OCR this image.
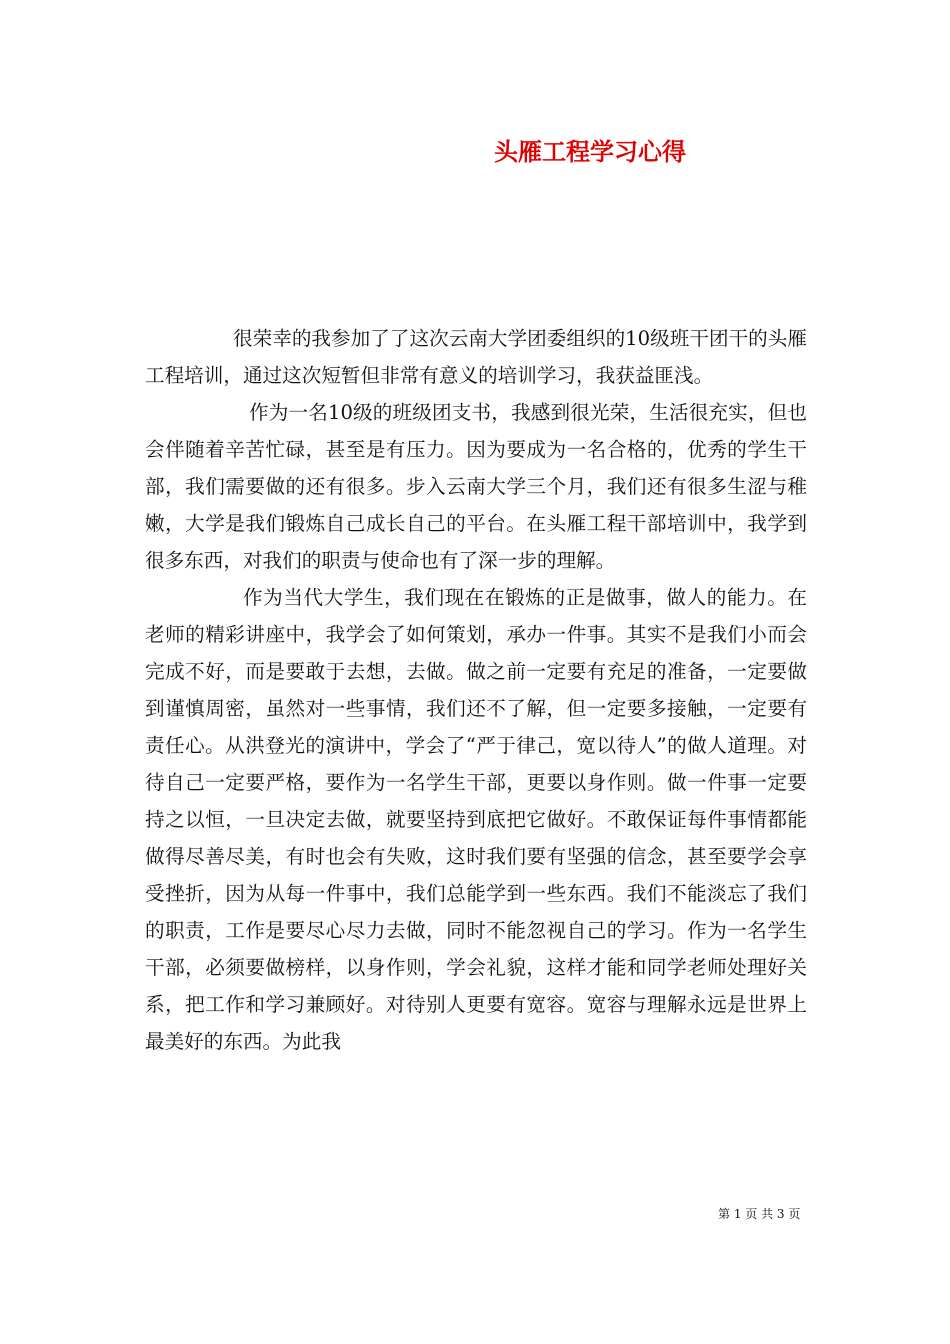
头雁工程学习心得

很荣幸的我参加了了这次云南大学团委组织的10级班干团干的头雁工程培训，通过这次短暂但非常有意义的培训学习，我获益匪浅。

作为一名10级的班级团支书，我感到很光荣，生活很充实，但也会伴随着辛苦忙碌，甚至是有压力。因为要成为一名合格的，优秀的学生干部，我们需要做的还有很多。步入云南大学三个月，我们还有很多生涩与稚嫩，大学是我们锻炼自己成长自己的平台。在头雁工程干部培训中，我学到很多东西，对我们的职责与使命也有了深一步的理解。

作为当代大学生，我们现在在锻炼的正是做事，做人的能力。在老师的精彩讲座中，我学会了如何策划，承办一件事。其实不是我们小而会完成不好，而是要敢于去想，去做。做之前一定要有充足的准备，一定要做到谨慎周密，虽然对一些事情，我们还不了解，但一定要多接触，一定要有责任心。从洪登光的演讲中，学会了“严于律己，宽以待人”的做人道理。对待自己一定要严格，要作为一名学生干部，更要以身作则。做一件事一定要持之以恒，一旦决定去做，就要坚持到底把它做好。不敢保证每件事情都能做得尽善尽美，有时也会有失败，这时我们要有坚强的信念，甚至要学会享受挫折，因为从每一件事中，我们总能学到一些东西。我们不能淡忘了我们的职责，工作是要尽心尽力去做，同时不能忽视自己的学习。作为一名学生干部，必须要做榜样，以身作则，学会礼貌，这样才能和同学老师处理好关系，把工作和学习兼顾好。对待别人更要有宽容。宽容与理解永远是世界上最美好的东西。为此我

第 1 页 共 3 页
